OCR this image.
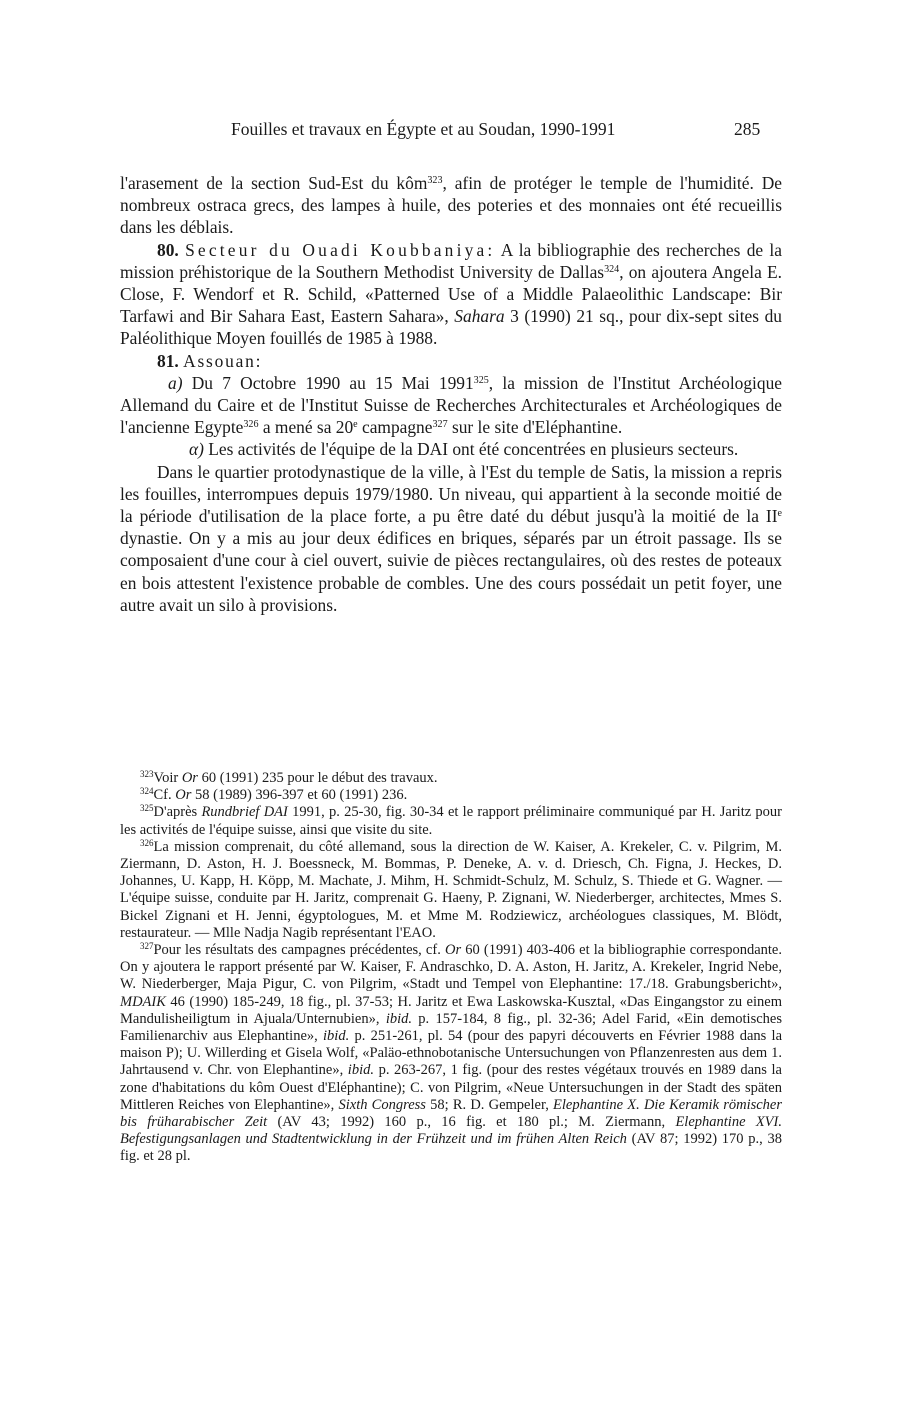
Fouilles et travaux en Égypte et au Soudan, 1990-1991	285

l'arasement de la section Sud-Est du kôm$^{323}$, afin de protéger le temple de l'humidité. De nombreux ostraca grecs, des lampes à huile, des poteries et des monnaies ont été recueillis dans les déblais.

80. Secteur du Ouadi Koubbaniya: A la bibliographie des recherches de la mission préhistorique de la Southern Methodist University de Dallas$^{324}$, on ajoutera Angela E. Close, F. Wendorf et R. Schild, «Patterned Use of a Middle Palaeolithic Landscape: Bir Tarfawi and Bir Sahara East, Eastern Sahara», Sahara 3 (1990) 21 sq., pour dix-sept sites du Paléolithique Moyen fouillés de 1985 à 1988.

81. Assouan:

a) Du 7 Octobre 1990 au 15 Mai 1991$^{325}$, la mission de l'Institut Archéologique Allemand du Caire et de l'Institut Suisse de Recherches Architecturales et Archéologiques de l'ancienne Egypte$^{326}$ a mené sa 20e campagne$^{327}$ sur le site d'Eléphantine.

α) Les activités de l'équipe de la DAI ont été concentrées en plusieurs secteurs.

Dans le quartier protodynastique de la ville, à l'Est du temple de Satis, la mission a repris les fouilles, interrompues depuis 1979/1980. Un niveau, qui appartient à la seconde moitié de la période d'utilisation de la place forte, a pu être daté du début jusqu'à la moitié de la IIe dynastie. On y a mis au jour deux édifices en briques, séparés par un étroit passage. Ils se composaient d'une cour à ciel ouvert, suivie de pièces rectangulaires, où des restes de poteaux en bois attestent l'existence probable de combles. Une des cours possédait un petit foyer, une autre avait un silo à provisions.

$^{323}$Voir Or 60 (1991) 235 pour le début des travaux.

$^{324}$Cf. Or 58 (1989) 396-397 et 60 (1991) 236.

$^{325}$D'après Rundbrief DAI 1991, p. 25-30, fig. 30-34 et le rapport préliminaire communiqué par H. Jaritz pour les activités de l'équipe suisse, ainsi que visite du site.

$^{326}$La mission comprenait, du côté allemand, sous la direction de W. Kaiser, A. Krekeler, C. v. Pilgrim, M. Ziermann, D. Aston, H. J. Boessneck, M. Bommas, P. Deneke, A. v. d. Driesch, Ch. Figna, J. Heckes, D. Johannes, U. Kapp, H. Köpp, M. Machate, J. Mihm, H. Schmidt-Schulz, M. Schulz, S. Thiede et G. Wagner. — L'équipe suisse, conduite par H. Jaritz, comprenait G. Haeny, P. Zignani, W. Niederberger, architectes, Mmes S. Bickel Zignani et H. Jenni, égyptologues, M. et Mme M. Rodziewicz, archéologues classiques, M. Blödt, restaurateur. — Mlle Nadja Nagib représentant l'EAO.

$^{327}$Pour les résultats des campagnes précédentes, cf. Or 60 (1991) 403-406 et la bibliographie correspondante. On y ajoutera le rapport présenté par W. Kaiser, F. Andraschko, D. A. Aston, H. Jaritz, A. Krekeler, Ingrid Nebe, W. Niederberger, Maja Pigur, C. von Pilgrim, «Stadt und Tempel von Elephantine: 17./18. Grabungsbericht», MDAIK 46 (1990) 185-249, 18 fig., pl. 37-53; H. Jaritz et Ewa Laskowska-Kusztal, «Das Eingangstor zu einem Mandulisheiligtum in Ajuala/Unternubien», ibid. p. 157-184, 8 fig., pl. 32-36; Adel Farid, «Ein demotisches Familienarchiv aus Elephantine», ibid. p. 251-261, pl. 54 (pour des papyri découverts en Février 1988 dans la maison P); U. Willerding et Gisela Wolf, «Paläo-ethnobotanische Untersuchungen von Pflanzenresten aus dem 1. Jahrtausend v. Chr. von Elephantine», ibid. p. 263-267, 1 fig. (pour des restes végétaux trouvés en 1989 dans la zone d'habitations du kôm Ouest d'Eléphantine); C. von Pilgrim, «Neue Untersuchungen in der Stadt des späten Mittleren Reiches von Elephantine», Sixth Congress 58; R. D. Gempeler, Elephantine X. Die Keramik römischer bis früharabischer Zeit (AV 43; 1992) 160 p., 16 fig. et 180 pl.; M. Ziermann, Elephantine XVI. Befestigungsanlagen und Stadtentwicklung in der Frühzeit und im frühen Alten Reich (AV 87; 1992) 170 p., 38 fig. et 28 pl.
